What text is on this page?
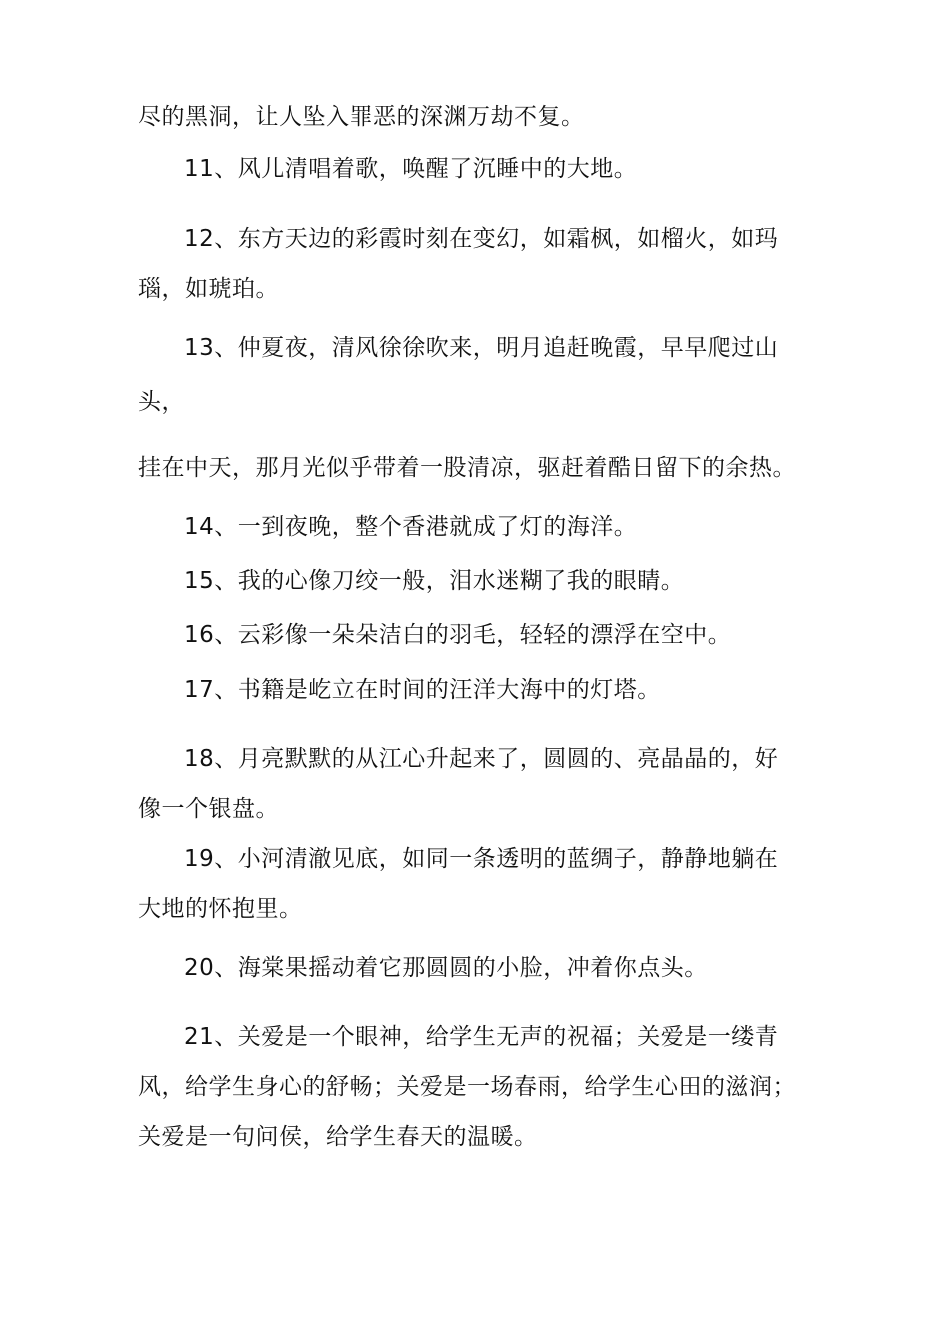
尽的黑洞，让人坠入罪恶的深渊万劫不复。
11、风儿清唱着歌，唤醒了沉睡中的大地。
12、东方天边的彩霞时刻在变幻，如霜枫，如榴火，如玛
瑙，如琥珀。
13、仲夏夜，清风徐徐吹来，明月追赶晚霞，早早爬过山
头，
挂在中天，那月光似乎带着一股清凉，驱赶着酷日留下的余热。
14、一到夜晚，整个香港就成了灯的海洋。
15、我的心像刀绞一般，泪水迷糊了我的眼睛。
16、云彩像一朵朵洁白的羽毛，轻轻的漂浮在空中。
17、书籍是屹立在时间的汪洋大海中的灯塔。
18、月亮默默的从江心升起来了，圆圆的、亮晶晶的，好
像一个银盘。
19、小河清澈见底，如同一条透明的蓝绸子，静静地躺在
大地的怀抱里。
20、海棠果摇动着它那圆圆的小脸，冲着你点头。
21、关爱是一个眼神，给学生无声的祝福；关爱是一缕青
风，给学生身心的舒畅；关爱是一场春雨，给学生心田的滋润；
关爱是一句问侯，给学生春天的温暖。
